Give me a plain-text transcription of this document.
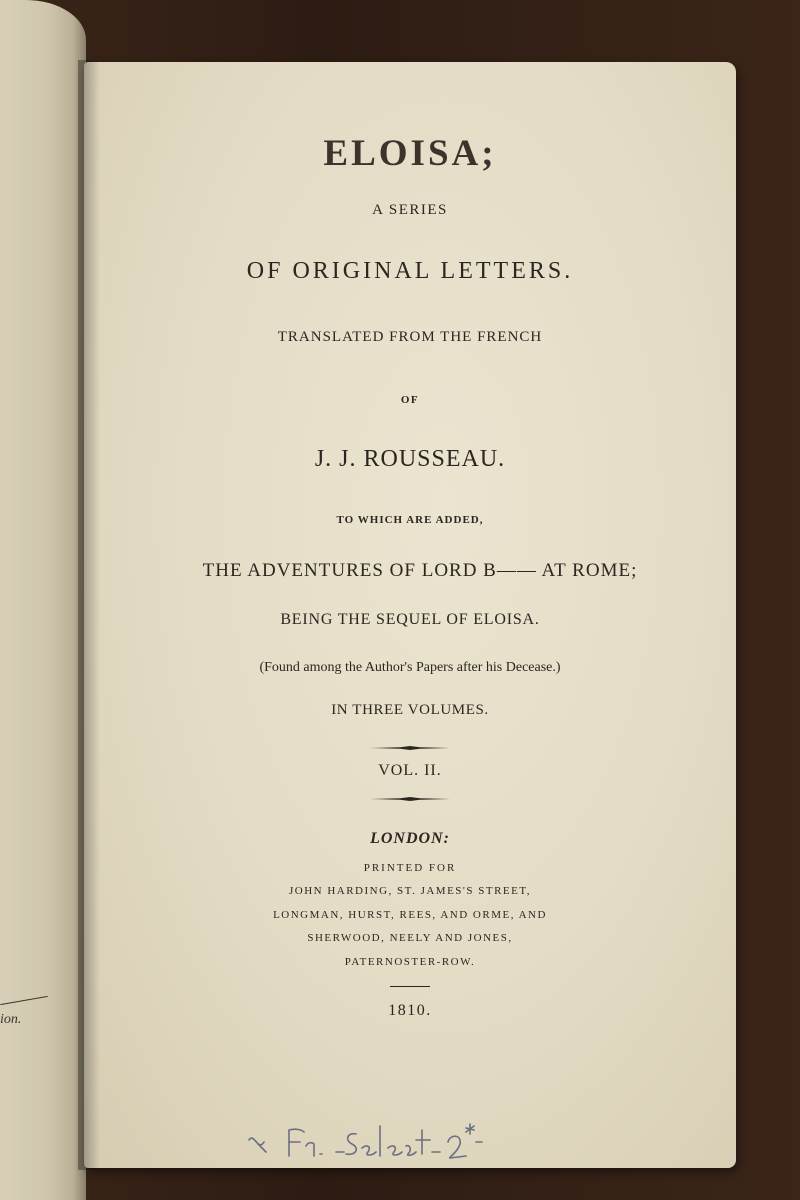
ion.
ELOISA;
A SERIES
OF ORIGINAL LETTERS.
TRANSLATED FROM THE FRENCH
OF
J. J. ROUSSEAU.
TO WHICH ARE ADDED,
THE ADVENTURES OF LORD B—— AT ROME;
BEING THE SEQUEL OF ELOISA.
(Found among the Author's Papers after his Decease.)
IN THREE VOLUMES.
VOL. II.
LONDON:
PRINTED FOR
JOHN HARDING, ST. JAMES'S STREET,
LONGMAN, HURST, REES, AND ORME, AND
SHERWOOD, NEELY AND JONES,
PATERNOSTER-ROW.
1810.
